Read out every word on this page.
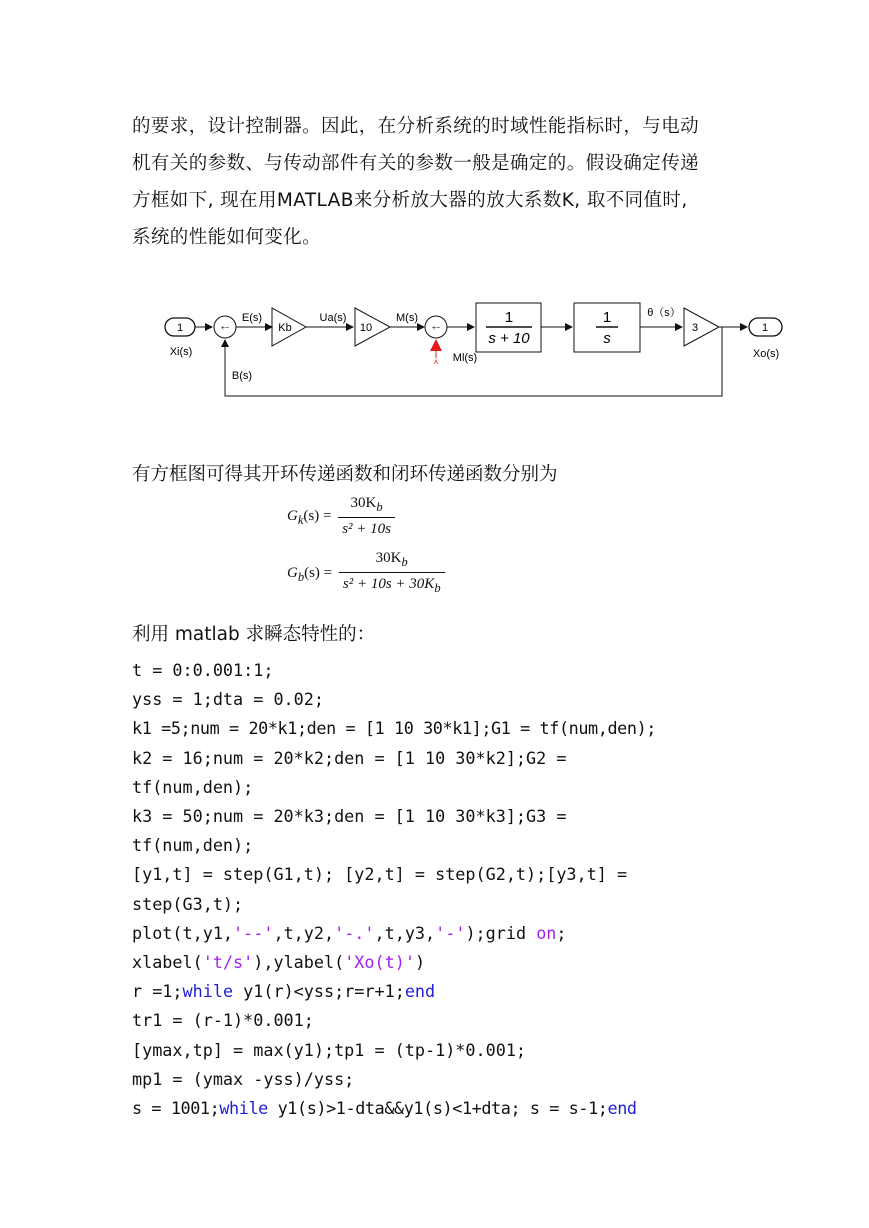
的要求，设计控制器。因此，在分析系统的时域性能指标时，与电动
机有关的参数、与传动部件有关的参数一般是确定的。假设确定传递
方框如下, 现在用MATLAB来分析放大器的放大系数K, 取不同值时,
系统的性能如何变化。
⋏
1
Xi(s)
+−
E(s)
Kb
Ua(s)
10
M(s)
+−
Ml(s)
1
s + 10
1
s
θ（s）
3	1
Xo(s)
B(s)
有方框图可得其开环传递函数和闭环传递函数分别为
$G_k(s) = \frac{30K_b}{\text{s² + 10s}}$
$G_b(s) = \frac{30K_b}{s^2 + 10s + 30K_b}$
利用 matlab 求瞬态特性的：
t = 0:0.001:1;
yss = 1;dta = 0.02;
k1 =5;num = 20*k1;den = [1 10 30*k1];G1 = tf(num,den);
k2 = 16;num = 20*k2;den = [1 10 30*k2];G2 =
tf(num,den);
k3 = 50;num = 20*k3;den = [1 10 30*k3];G3 =
tf(num,den);
[y1,t] = step(G1,t); [y2,t] = step(G2,t);[y3,t] =
step(G3,t);
plot(t,y1,'--',t,y2,'-.',t,y3,'-');grid on;
xlabel('t/s'),ylabel('Xo(t)')
r =1;while y1(r)<yss;r=r+1;end
tr1 = (r-1)*0.001;
[ymax,tp] = max(y1);tp1 = (tp-1)*0.001;
mp1 = (ymax -yss)/yss;
s = 1001;while y1(s)>1-dta&&y1(s)<1+dta; s = s-1;end
